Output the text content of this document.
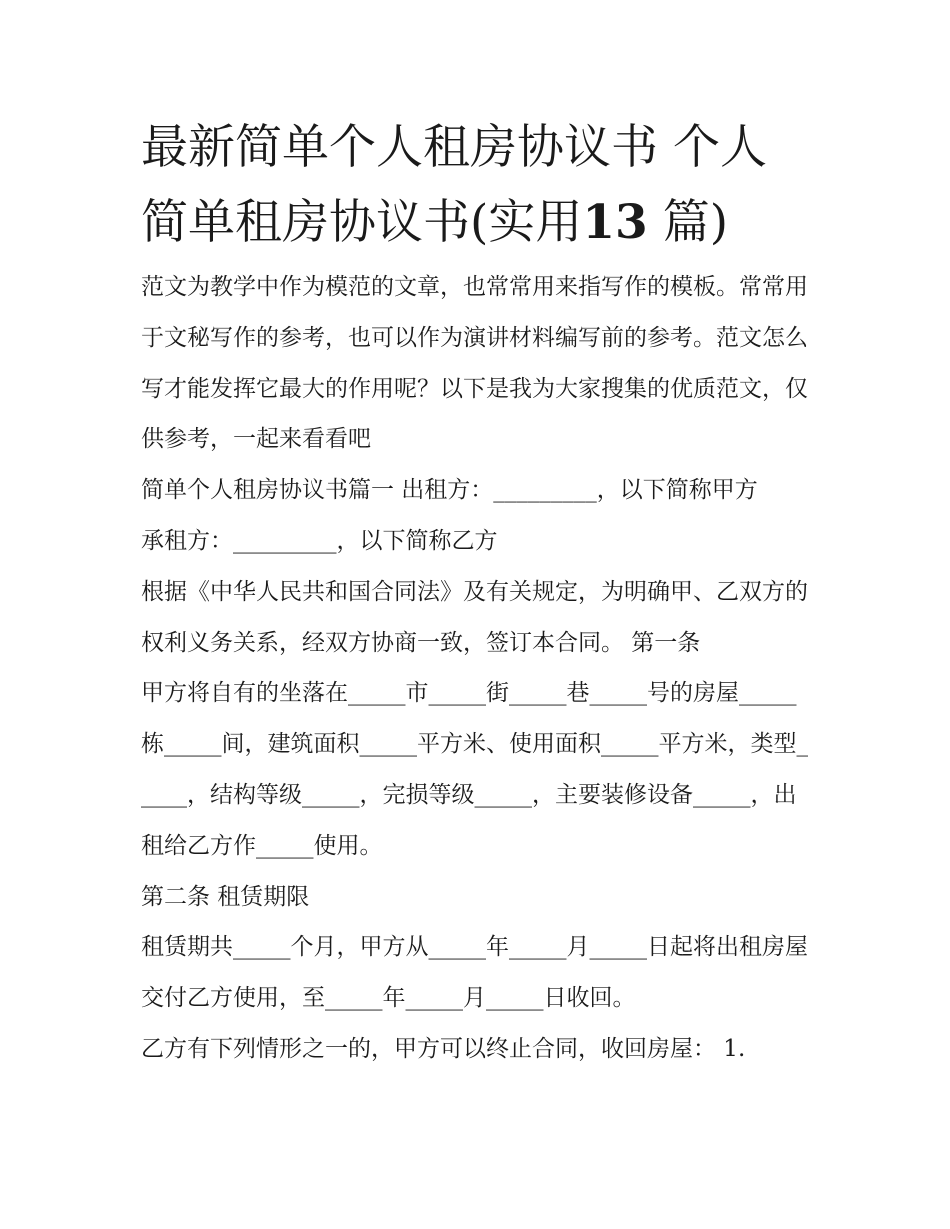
最新简单个人租房协议书 个人
简单租房协议书(实用13 篇)

范文为教学中作为模范的文章，也常常用来指写作的模板。常常用于文秘写作的参考，也可以作为演讲材料编写前的参考。范文怎么写才能发挥它最大的作用呢？以下是我为大家搜集的优质范文，仅供参考，一起来看看吧

简单个人租房协议书篇一 出租方：_________，以下简称甲方

承租方：_________，以下简称乙方

根据《中华人民共和国合同法》及有关规定，为明确甲、乙双方的权利义务关系，经双方协商一致，签订本合同。 第一条

甲方将自有的坐落在_____市_____街_____巷_____号的房屋_____栋_____间，建筑面积_____平方米、使用面积_____平方米，类型_____，结构等级_____，完损等级_____，主要装修设备_____，出租给乙方作_____使用。

第二条 租赁期限

租赁期共_____个月，甲方从_____年_____月_____日起将出租房屋交付乙方使用，至_____年_____月_____日收回。

乙方有下列情形之一的，甲方可以终止合同，收回房屋： 1.
